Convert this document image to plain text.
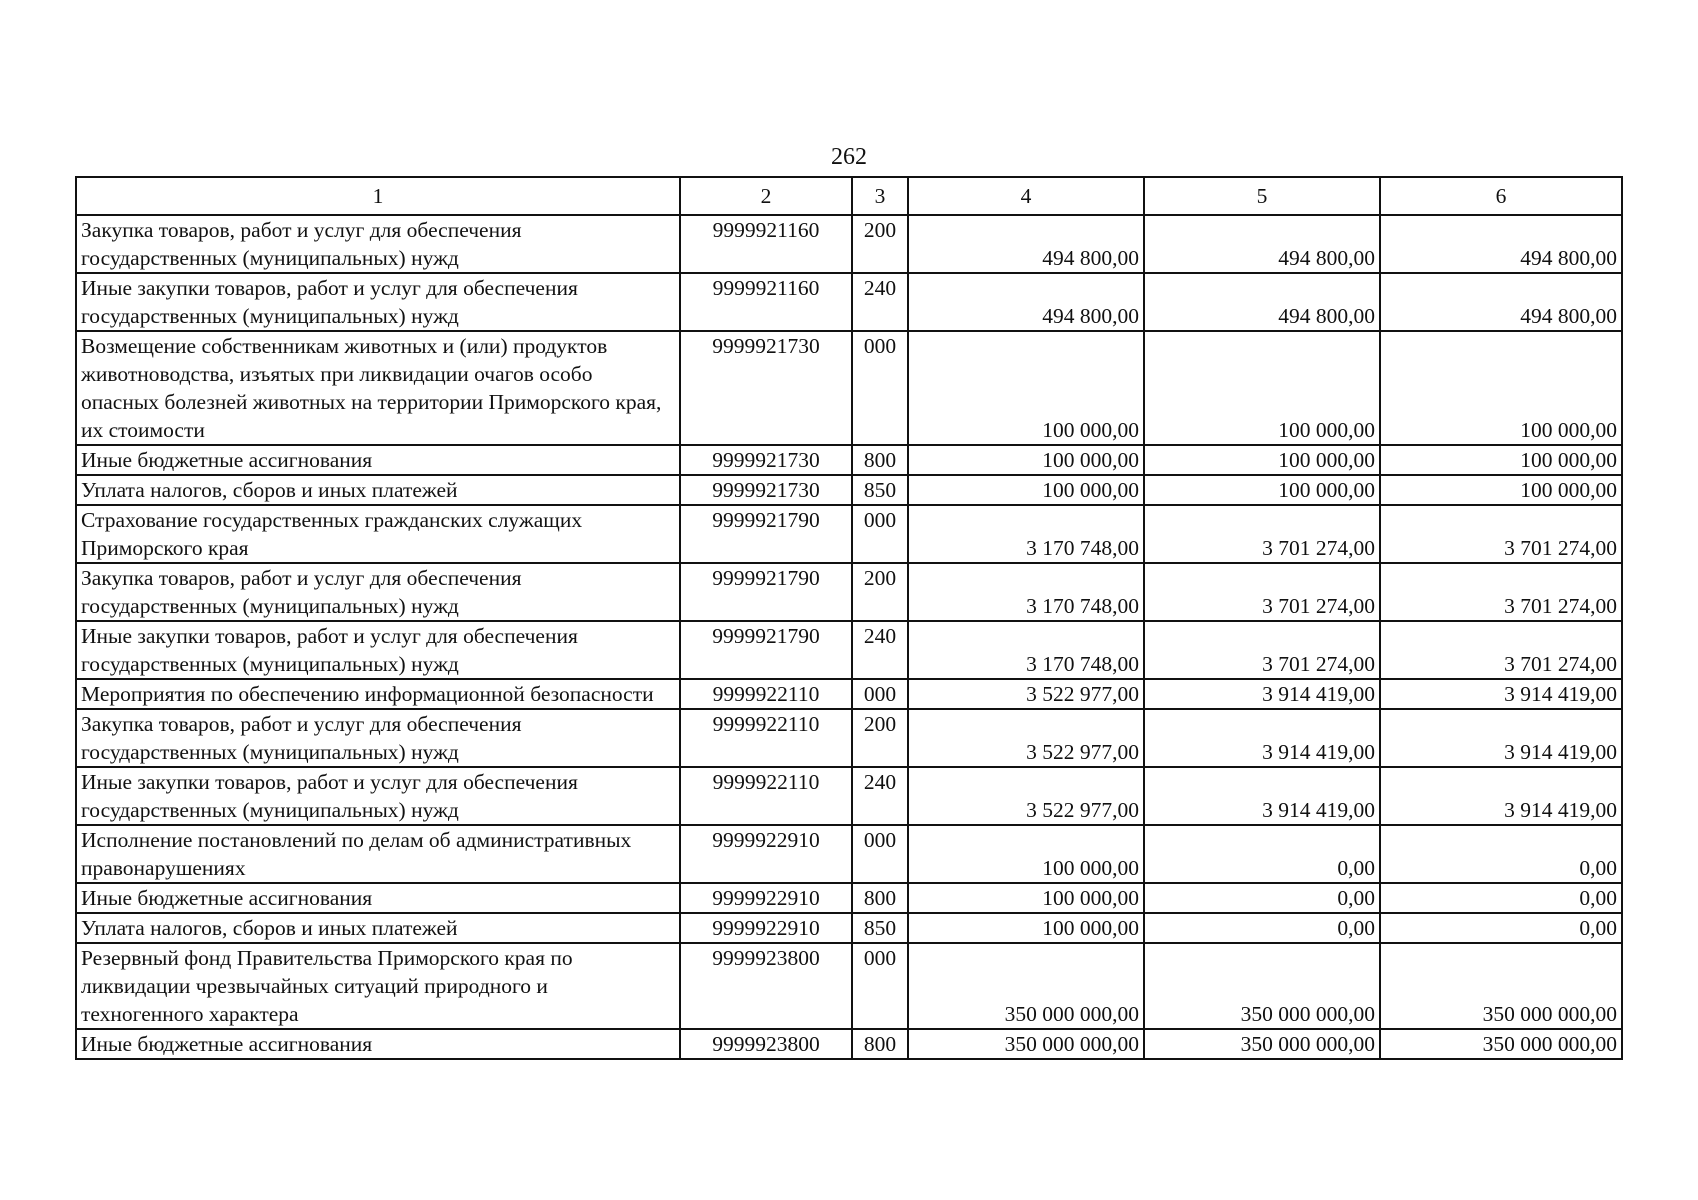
262
1	2	3	4	5	6
Закупка товаров, работ и услуг для обеспечения государственных (муниципальных) нужд	9999921160	200	494 800,00	494 800,00	494 800,00
Иные закупки товаров, работ и услуг для обеспечения государственных (муниципальных) нужд	9999921160	240	494 800,00	494 800,00	494 800,00
Возмещение собственникам животных и (или) продуктов животноводства, изъятых при ликвидации очагов особо опасных болезней животных на территории Приморского края, их стоимости	9999921730	000	100 000,00	100 000,00	100 000,00
Иные бюджетные ассигнования	9999921730	800	100 000,00	100 000,00	100 000,00
Уплата налогов, сборов и иных платежей	9999921730	850	100 000,00	100 000,00	100 000,00
Страхование государственных гражданских служащих Приморского края	9999921790	000	3 170 748,00	3 701 274,00	3 701 274,00
Закупка товаров, работ и услуг для обеспечения государственных (муниципальных) нужд	9999921790	200	3 170 748,00	3 701 274,00	3 701 274,00
Иные закупки товаров, работ и услуг для обеспечения государственных (муниципальных) нужд	9999921790	240	3 170 748,00	3 701 274,00	3 701 274,00
Мероприятия по обеспечению информационной безопасности	9999922110	000	3 522 977,00	3 914 419,00	3 914 419,00
Закупка товаров, работ и услуг для обеспечения государственных (муниципальных) нужд	9999922110	200	3 522 977,00	3 914 419,00	3 914 419,00
Иные закупки товаров, работ и услуг для обеспечения государственных (муниципальных) нужд	9999922110	240	3 522 977,00	3 914 419,00	3 914 419,00
Исполнение постановлений по делам об административных правонарушениях	9999922910	000	100 000,00	0,00	0,00
Иные бюджетные ассигнования	9999922910	800	100 000,00	0,00	0,00
Уплата налогов, сборов и иных платежей	9999922910	850	100 000,00	0,00	0,00
Резервный фонд Правительства Приморского края по ликвидации чрезвычайных ситуаций природного и техногенного характера	9999923800	000	350 000 000,00	350 000 000,00	350 000 000,00
Иные бюджетные ассигнования	9999923800	800	350 000 000,00	350 000 000,00	350 000 000,00
